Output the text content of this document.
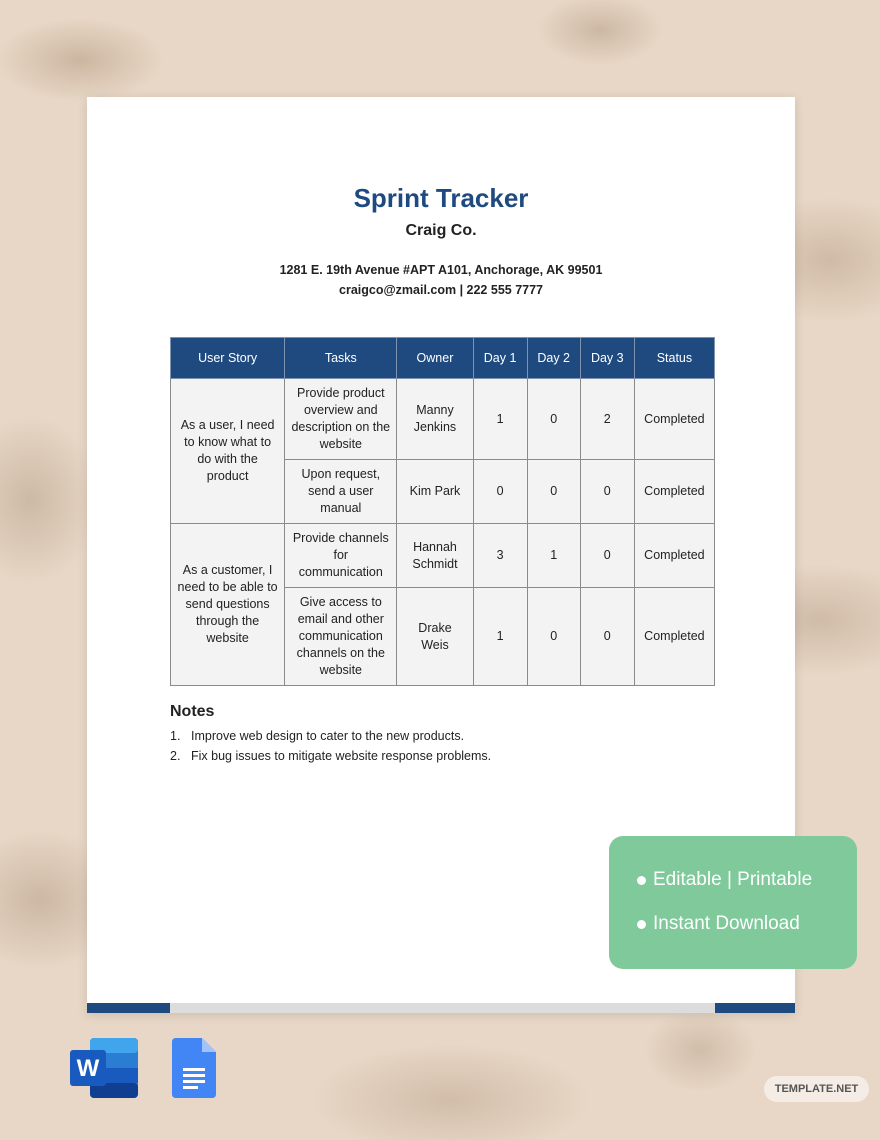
Sprint Tracker
Craig Co.
1281 E. 19th Avenue #APT A101, Anchorage, AK 99501
craigco@zmail.com | 222 555 7777
User Story	Tasks	Owner	Day 1	Day 2	Day 3	Status
As a user, I need to know what to do with the product	Provide product overview and description on the website	Manny Jenkins	1	0	2	Completed
	Upon request, send a user manual	Kim Park	0	0	0	Completed
As a customer, I need to be able to send questions through the website	Provide channels for communication	Hannah Schmidt	3	1	0	Completed
	Give access to email and other communication channels on the website	Drake Weis	1	0	0	Completed
Notes
1. Improve web design to cater to the new products.
2. Fix bug issues to mitigate website response problems.
Editable | Printable
Instant Download
W
TEMPLATE.NET
